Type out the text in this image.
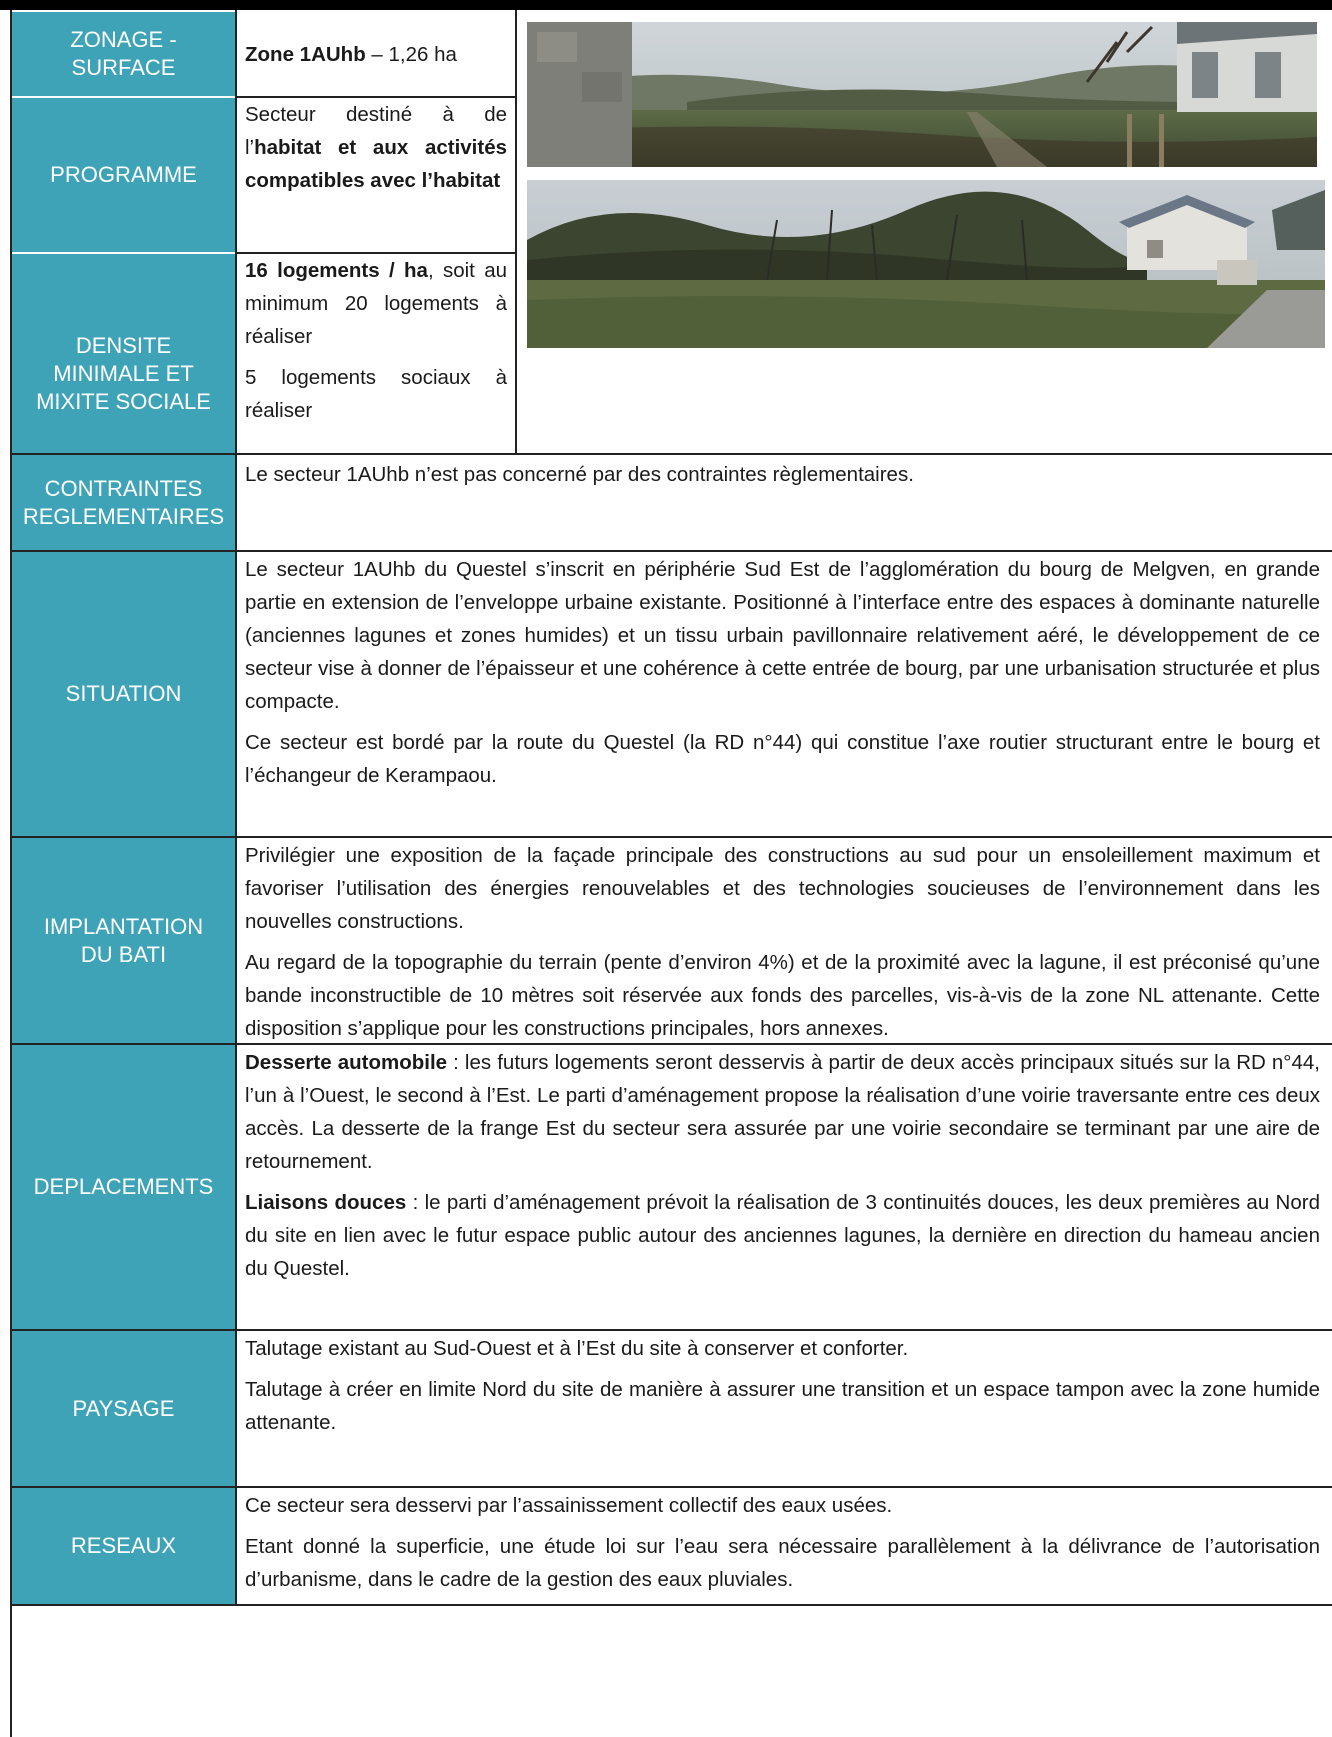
ZONAGE -
SURFACE
PROGRAMME
DENSITE
MINIMALE ET
MIXITE SOCIALE
CONTRAINTES
REGLEMENTAIRES
SITUATION
IMPLANTATION
DU BATI
DEPLACEMENTS
PAYSAGE
RESEAUX

Zone 1AUhb – 1,26 ha

Secteur destiné à de l’habitat et aux activités compatibles avec l’habitat

16 logements / ha, soit au minimum 20 logements à réaliser

5 logements sociaux à réaliser

Le secteur 1AUhb n’est pas concerné par des contraintes règlementaires.

Le secteur 1AUhb du Questel s’inscrit en périphérie Sud Est de l’agglomération du bourg de Melgven, en grande partie en extension de l’enveloppe urbaine existante. Positionné à l’interface entre des espaces à dominante naturelle (anciennes lagunes et zones humides) et un tissu urbain pavillonnaire relativement aéré, le développement de ce secteur vise à donner de l’épaisseur et une cohérence à cette entrée de bourg, par une urbanisation structurée et plus compacte.

Ce secteur est bordé par la route du Questel (la RD n°44) qui constitue l’axe routier structurant entre le bourg et l’échangeur de Kerampaou.

Privilégier une exposition de la façade principale des constructions au sud pour un ensoleillement maximum et favoriser l’utilisation des énergies renouvelables et des technologies soucieuses de l’environnement dans les nouvelles constructions.

Au regard de la topographie du terrain (pente d’environ 4%) et de la proximité avec la lagune, il est préconisé qu’une bande inconstructible de 10 mètres soit réservée aux fonds des parcelles, vis-à-vis de la zone NL attenante. Cette disposition s’applique pour les constructions principales, hors annexes.

Desserte automobile : les futurs logements seront desservis à partir de deux accès principaux situés sur la RD n°44, l’un à l’Ouest, le second à l’Est. Le parti d’aménagement propose la réalisation d’une voirie traversante entre ces deux accès. La desserte de la frange Est du secteur sera assurée par une voirie secondaire se terminant par une aire de retournement.

Liaisons douces : le parti d’aménagement prévoit la réalisation de 3 continuités douces, les deux premières au Nord du site en lien avec le futur espace public autour des anciennes lagunes, la dernière en direction du hameau ancien du Questel.

Talutage existant au Sud-Ouest et à l’Est du site à conserver et conforter.

Talutage à créer en limite Nord du site de manière à assurer une transition et un espace tampon avec la zone humide attenante.

Ce secteur sera desservi par l’assainissement collectif des eaux usées.

Etant donné la superficie, une étude loi sur l’eau sera nécessaire parallèlement à la délivrance de l’autorisation d’urbanisme, dans le cadre de la gestion des eaux pluviales.
